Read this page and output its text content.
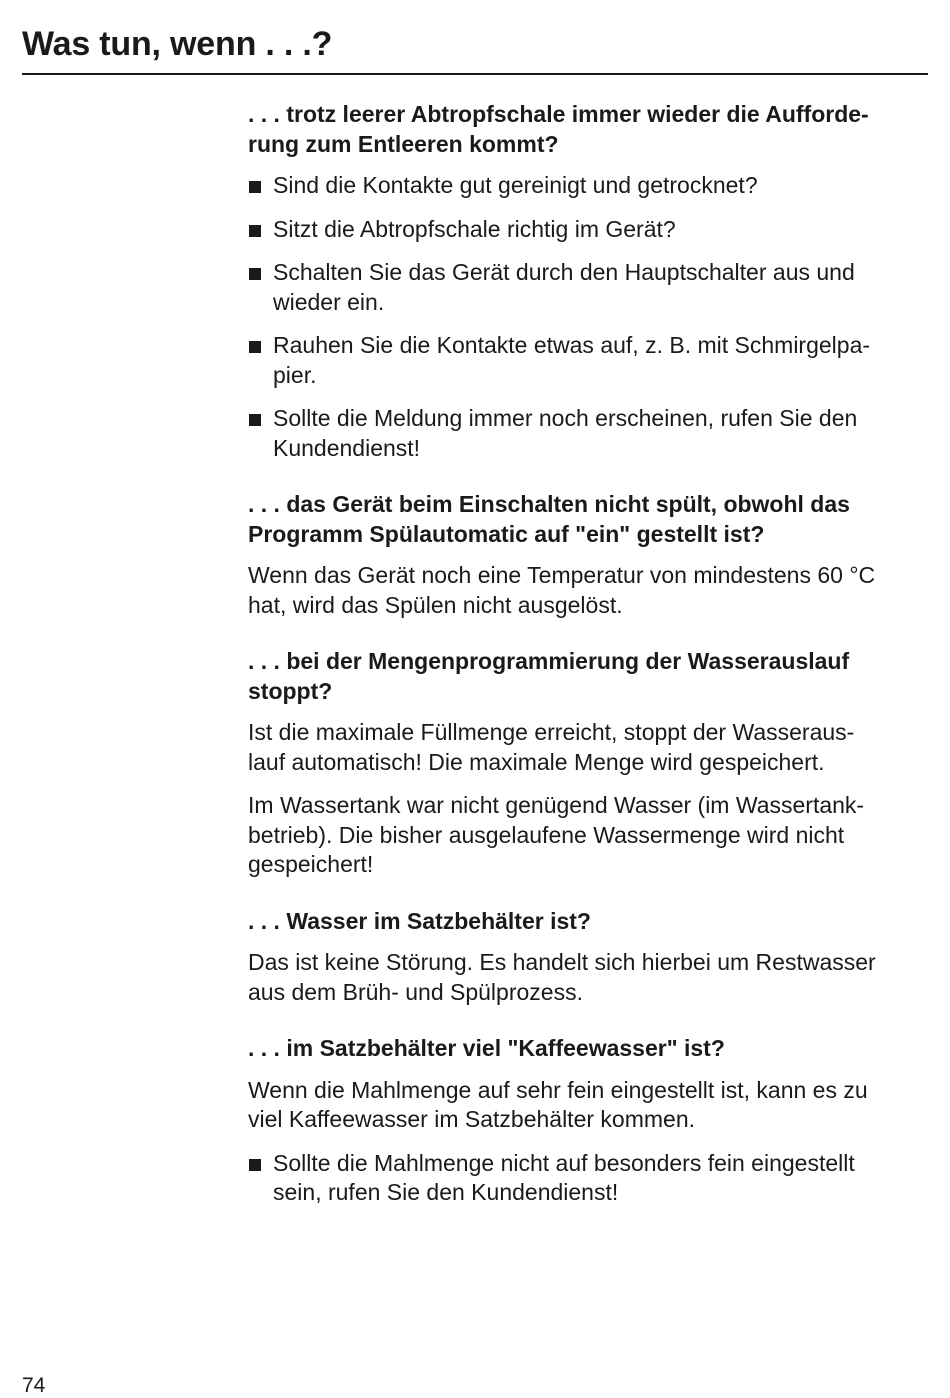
Was tun, wenn . . .?
. . . trotz leerer Abtropfschale immer wieder die Aufforde-
rung zum Entleeren kommt?
Sind die Kontakte gut gereinigt und getrocknet?
Sitzt die Abtropfschale richtig im Gerät?
Schalten Sie das Gerät durch den Hauptschalter aus und
wieder ein.
Rauhen Sie die Kontakte etwas auf, z. B. mit Schmirgelpa-
pier.
Sollte die Meldung immer noch erscheinen, rufen Sie den
Kundendienst!
. . . das Gerät beim Einschalten nicht spült, obwohl das
Programm Spülautomatic auf "ein" gestellt ist?
Wenn das Gerät noch eine Temperatur von mindestens 60 °C
hat, wird das Spülen nicht ausgelöst.
. . . bei der Mengenprogrammierung der Wasserauslauf
stoppt?
Ist die maximale Füllmenge erreicht, stoppt der Wasseraus-
lauf automatisch! Die maximale Menge wird gespeichert.
Im Wassertank war nicht genügend Wasser (im Wassertank-
betrieb). Die bisher ausgelaufene Wassermenge wird nicht
gespeichert!
. . . Wasser im Satzbehälter ist?
Das ist keine Störung. Es handelt sich hierbei um Restwasser
aus dem Brüh- und Spülprozess.
. . . im Satzbehälter viel "Kaffeewasser" ist?
Wenn die Mahlmenge auf sehr fein eingestellt ist, kann es zu
viel Kaffeewasser im Satzbehälter kommen.
Sollte die Mahlmenge nicht auf besonders fein eingestellt
sein, rufen Sie den Kundendienst!
74
